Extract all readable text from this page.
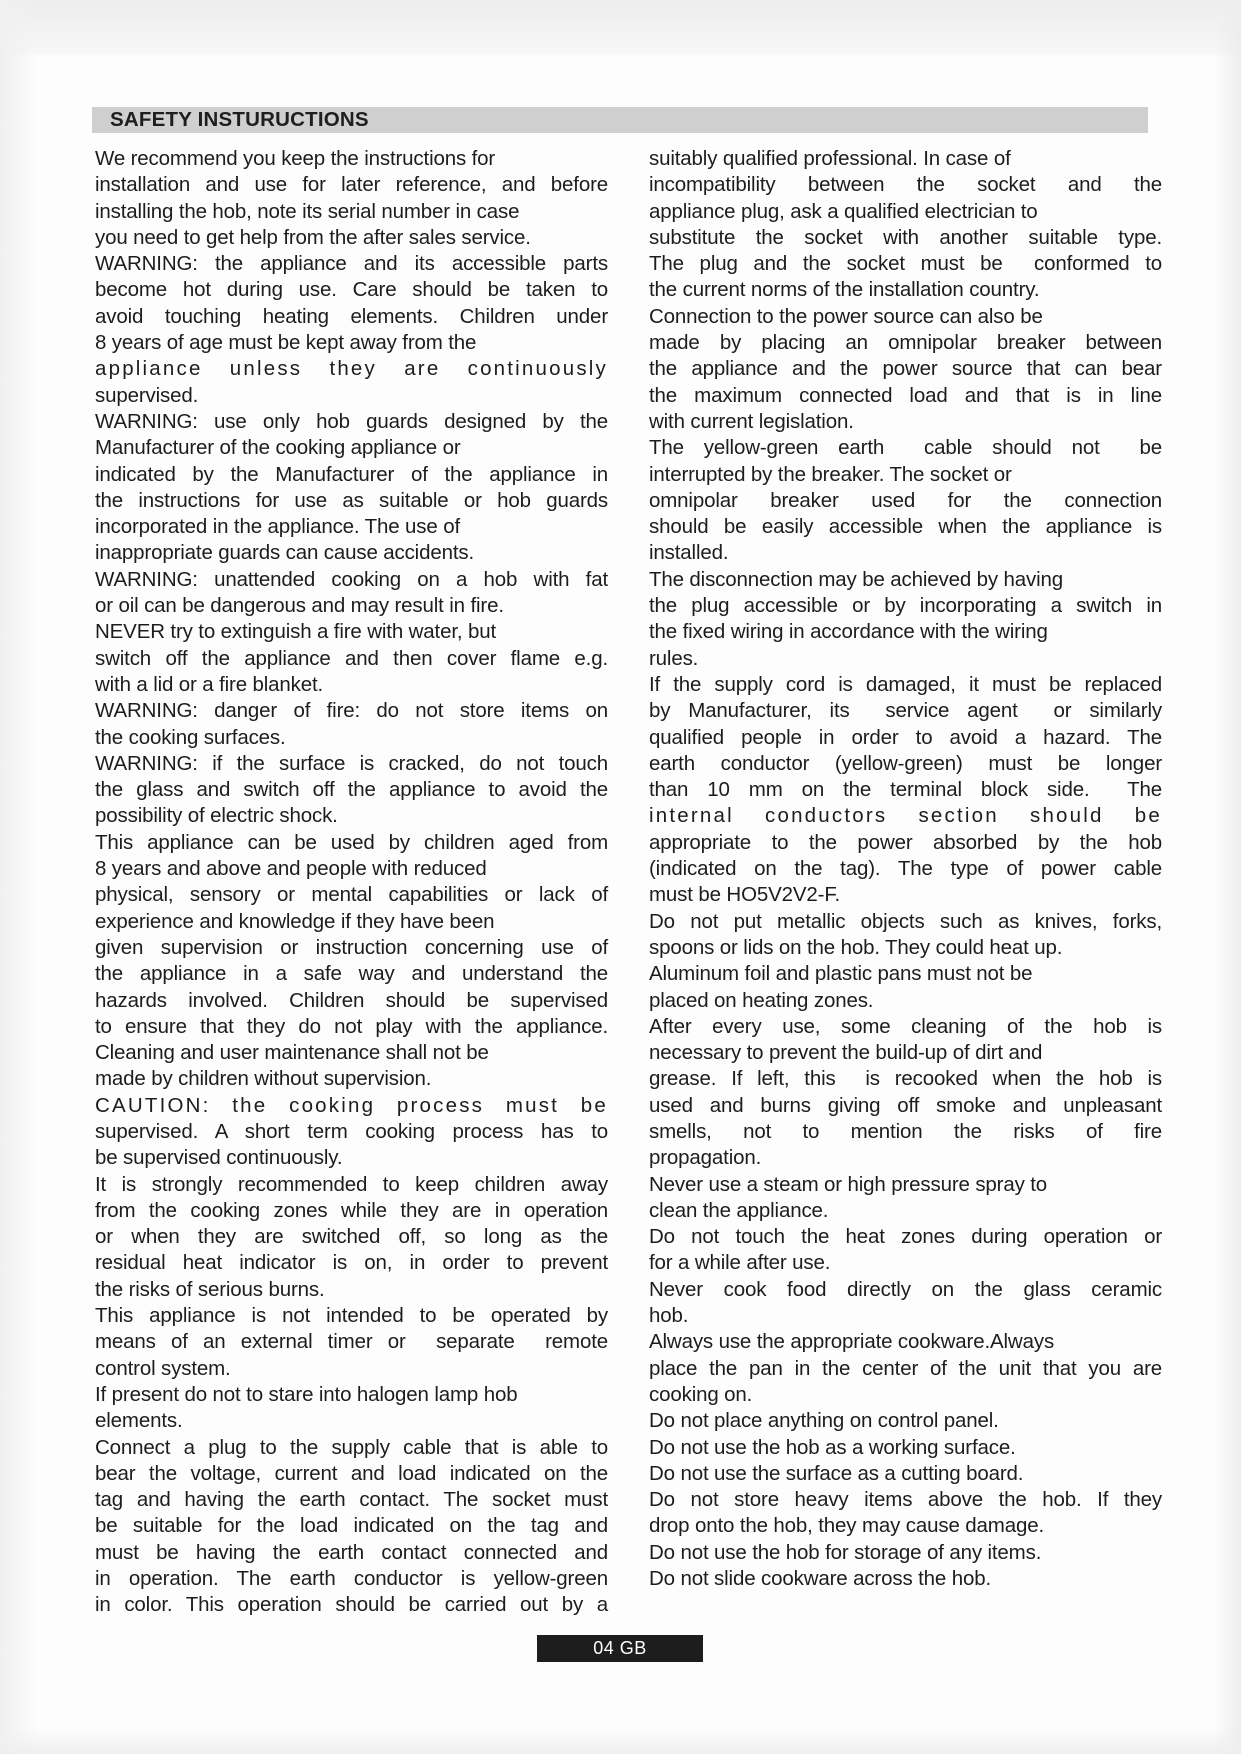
SAFETY INSTURUCTIONS
We recommend you keep the instructions for
installation and use for later reference, and before
installing the hob, note its serial number in case
you need to get help from the after sales service.
WARNING: the appliance and its accessible parts
become hot during use. Care should be taken to
avoid touching heating elements. Children under
8 years of age must be kept away from the
appliance unless they are continuously
supervised.
WARNING: use only hob guards designed by the
Manufacturer of the cooking appliance or
indicated by the Manufacturer of the appliance in
the instructions for use as suitable or hob guards
incorporated in the appliance. The use of
inappropriate guards can cause accidents.
WARNING: unattended cooking on a hob with fat
or oil can be dangerous and may result in fire.
NEVER try to extinguish a fire with water, but
switch off the appliance and then cover flame e.g.
with a lid or a fire blanket.
WARNING: danger of fire: do not store items on
the cooking surfaces.
WARNING: if the surface is cracked, do not touch
the glass and switch off the appliance to avoid the
possibility of electric shock.
This appliance can be used by children aged from
8 years and above and people with reduced
physical, sensory or mental capabilities or lack of
experience and knowledge if they have been
given supervision or instruction concerning use of
the appliance in a safe way and understand the
hazards involved. Children should be supervised
to ensure that they do not play with the appliance.
Cleaning and user maintenance shall not be
made by children without supervision.
CAUTION: the cooking process must be
supervised. A short term cooking process has to
be supervised continuously.
It is strongly recommended to keep children away
from the cooking zones while they are in operation
or when they are switched off, so long as the
residual heat indicator is on, in order to prevent
the risks of serious burns.
This appliance is not intended to be operated by
means of an external timer or  separate  remote
control system.
If present do not to stare into halogen lamp hob
elements.
Connect a plug to the supply cable that is able to
bear the voltage, current and load indicated on the
tag and having the earth contact. The socket must
be suitable for the load indicated on the tag and
must be having the earth contact connected and
in operation. The earth conductor is yellow-green
in color. This operation should be carried out by a
suitably qualified professional. In case of
incompatibility between the socket and the
appliance plug, ask a qualified electrician to
substitute the socket with another suitable type.
The plug and the socket must be  conformed to
the current norms of the installation country.
Connection to the power source can also be
made by placing an omnipolar breaker between
the appliance and the power source that can bear
the maximum connected load and that is in line
with current legislation.
The yellow-green earth  cable should not  be
interrupted by the breaker. The socket or
omnipolar breaker used for the connection
should be easily accessible when the appliance is
installed.
The disconnection may be achieved by having
the plug accessible or by incorporating a switch in
the fixed wiring in accordance with the wiring
rules.
If the supply cord is damaged, it must be replaced
by Manufacturer, its  service agent  or similarly
qualified people in order to avoid a hazard. The
earth conductor (yellow-green) must be longer
than 10 mm on the terminal block side.  The
internal conductors section should be
appropriate to the power absorbed by the hob
(indicated on the tag). The type of power cable
must be HO5V2V2-F.
Do not put metallic objects such as knives, forks,
spoons or lids on the hob. They could heat up.
Aluminum foil and plastic pans must not be
placed on heating zones.
After every use, some cleaning of the hob is
necessary to prevent the build-up of dirt and
grease. If left, this  is recooked when the hob is
used and burns giving off smoke and unpleasant
smells, not to mention the risks of fire
propagation.
Never use a steam or high pressure spray to
clean the appliance.
Do not touch the heat zones during operation or
for a while after use.
Never cook food directly on the glass ceramic
hob.
Always use the appropriate cookware.Always
place the pan in the center of the unit that you are
cooking on.
Do not place anything on control panel.
Do not use the hob as a working surface.
Do not use the surface as a cutting board.
Do not store heavy items above the hob. If they
drop onto the hob, they may cause damage.
Do not use the hob for storage of any items.
Do not slide cookware across the hob.
04 GB
